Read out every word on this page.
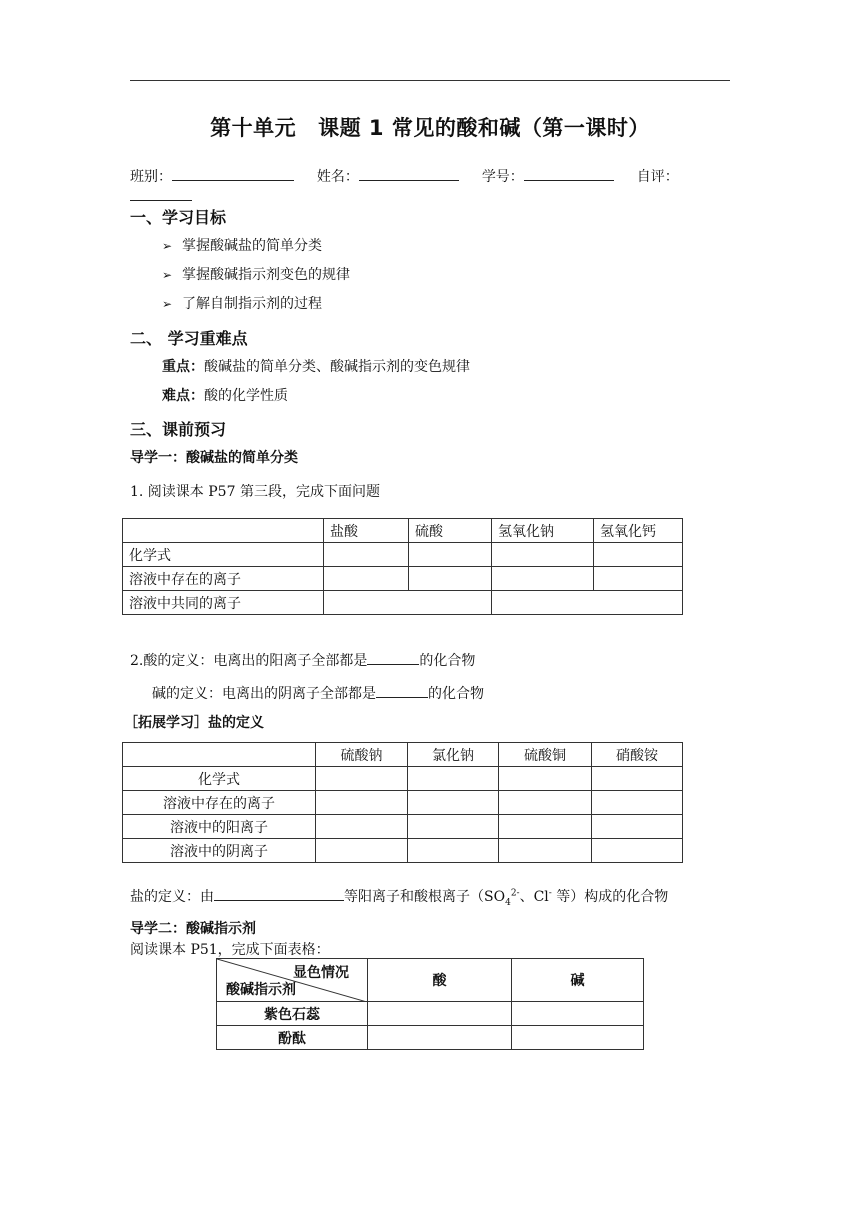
第十单元 课题 1 常见的酸和碱（第一课时）
班别：	姓名：	学号：	自评：
一、学习目标
➢ 掌握酸碱盐的简单分类
➢ 掌握酸碱指示剂变色的规律
➢ 了解自制指示剂的过程
二、 学习重难点
重点：酸碱盐的简单分类、酸碱指示剂的变色规律
难点：酸的化学性质
三、课前预习
导学一：酸碱盐的简单分类
1. 阅读课本 P57 第三段，完成下面问题
	盐酸	硫酸	氢氧化钠	氢氧化钙
化学式				
溶液中存在的离子				
溶液中共同的离子				
2.酸的定义：电离出的阳离子全部都是	的化合物
碱的定义：电离出的阴离子全部都是	的化合物
［拓展学习］盐的定义
	硫酸钠	氯化钠	硫酸铜	硝酸铵
化学式				
溶液中存在的离子				
溶液中的阳离子				
溶液中的阴离子				
盐的定义：由	等阳离子和酸根离子（$SO_4^{2-}$、Cl- 等）构成的化合物
导学二：酸碱指示剂
阅读课本 P51，完成下面表格：
显色情况
酸碱指示剂	酸	碱
紫色石蕊		
酚酞		
